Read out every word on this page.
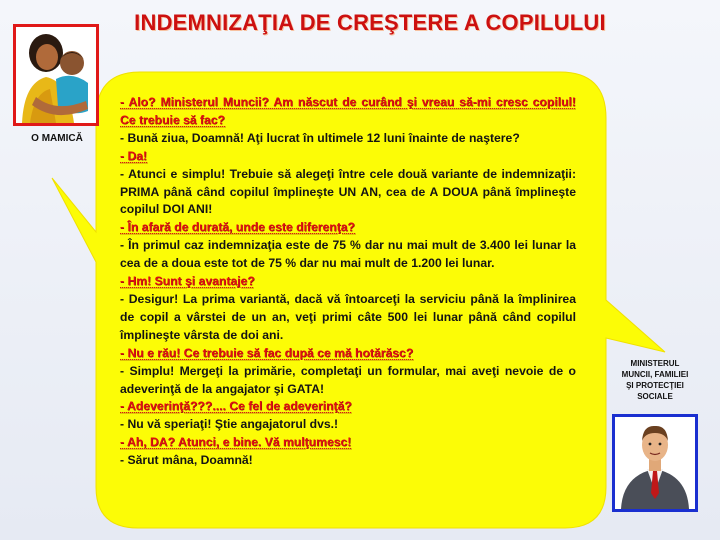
INDEMNIZAŢIA DE CREŞTERE A COPILULUI
O MAMICĂ
MINISTERUL
MUNCII, FAMILIEI
ŞI PROTECŢIEI
SOCIALE

- Alo? Ministerul Muncii? Am născut de curând şi vreau să-mi cresc copilul! Ce trebuie să fac?

- Bună ziua, Doamnă! Aţi lucrat în ultimele 12 luni înainte de naştere?

- Da!

- Atunci e simplu! Trebuie să alegeţi între cele două variante de indemnizaţii: PRIMA până când copilul împlineşte UN AN, cea de A DOUA până împlineşte copilul DOI ANI!

- În afară de durată, unde este diferenţa?

- În primul caz indemnizaţia este de 75 % dar nu mai mult de 3.400 lei lunar la cea de a doua este tot de 75 % dar nu mai mult de 1.200 lei lunar.

- Hm! Sunt şi avantaje?

- Desigur! La prima variantă, dacă vă întoarceţi la serviciu până la împlinirea de copil a vârstei de un an, veţi primi câte 500 lei lunar până când copilul împlineşte vârsta de doi ani.

- Nu e rău! Ce trebuie să fac după ce mă hotărăsc?

- Simplu! Mergeţi la primărie, completaţi un formular, mai aveţi nevoie de o adeverinţă de la angajator şi GATA!

- Adeverinţă???.... Ce fel de adeverinţă?

- Nu vă speriaţi! Ştie angajatorul dvs.!

- Ah, DA? Atunci, e bine. Vă mulţumesc!

- Sărut mâna, Doamnă!
